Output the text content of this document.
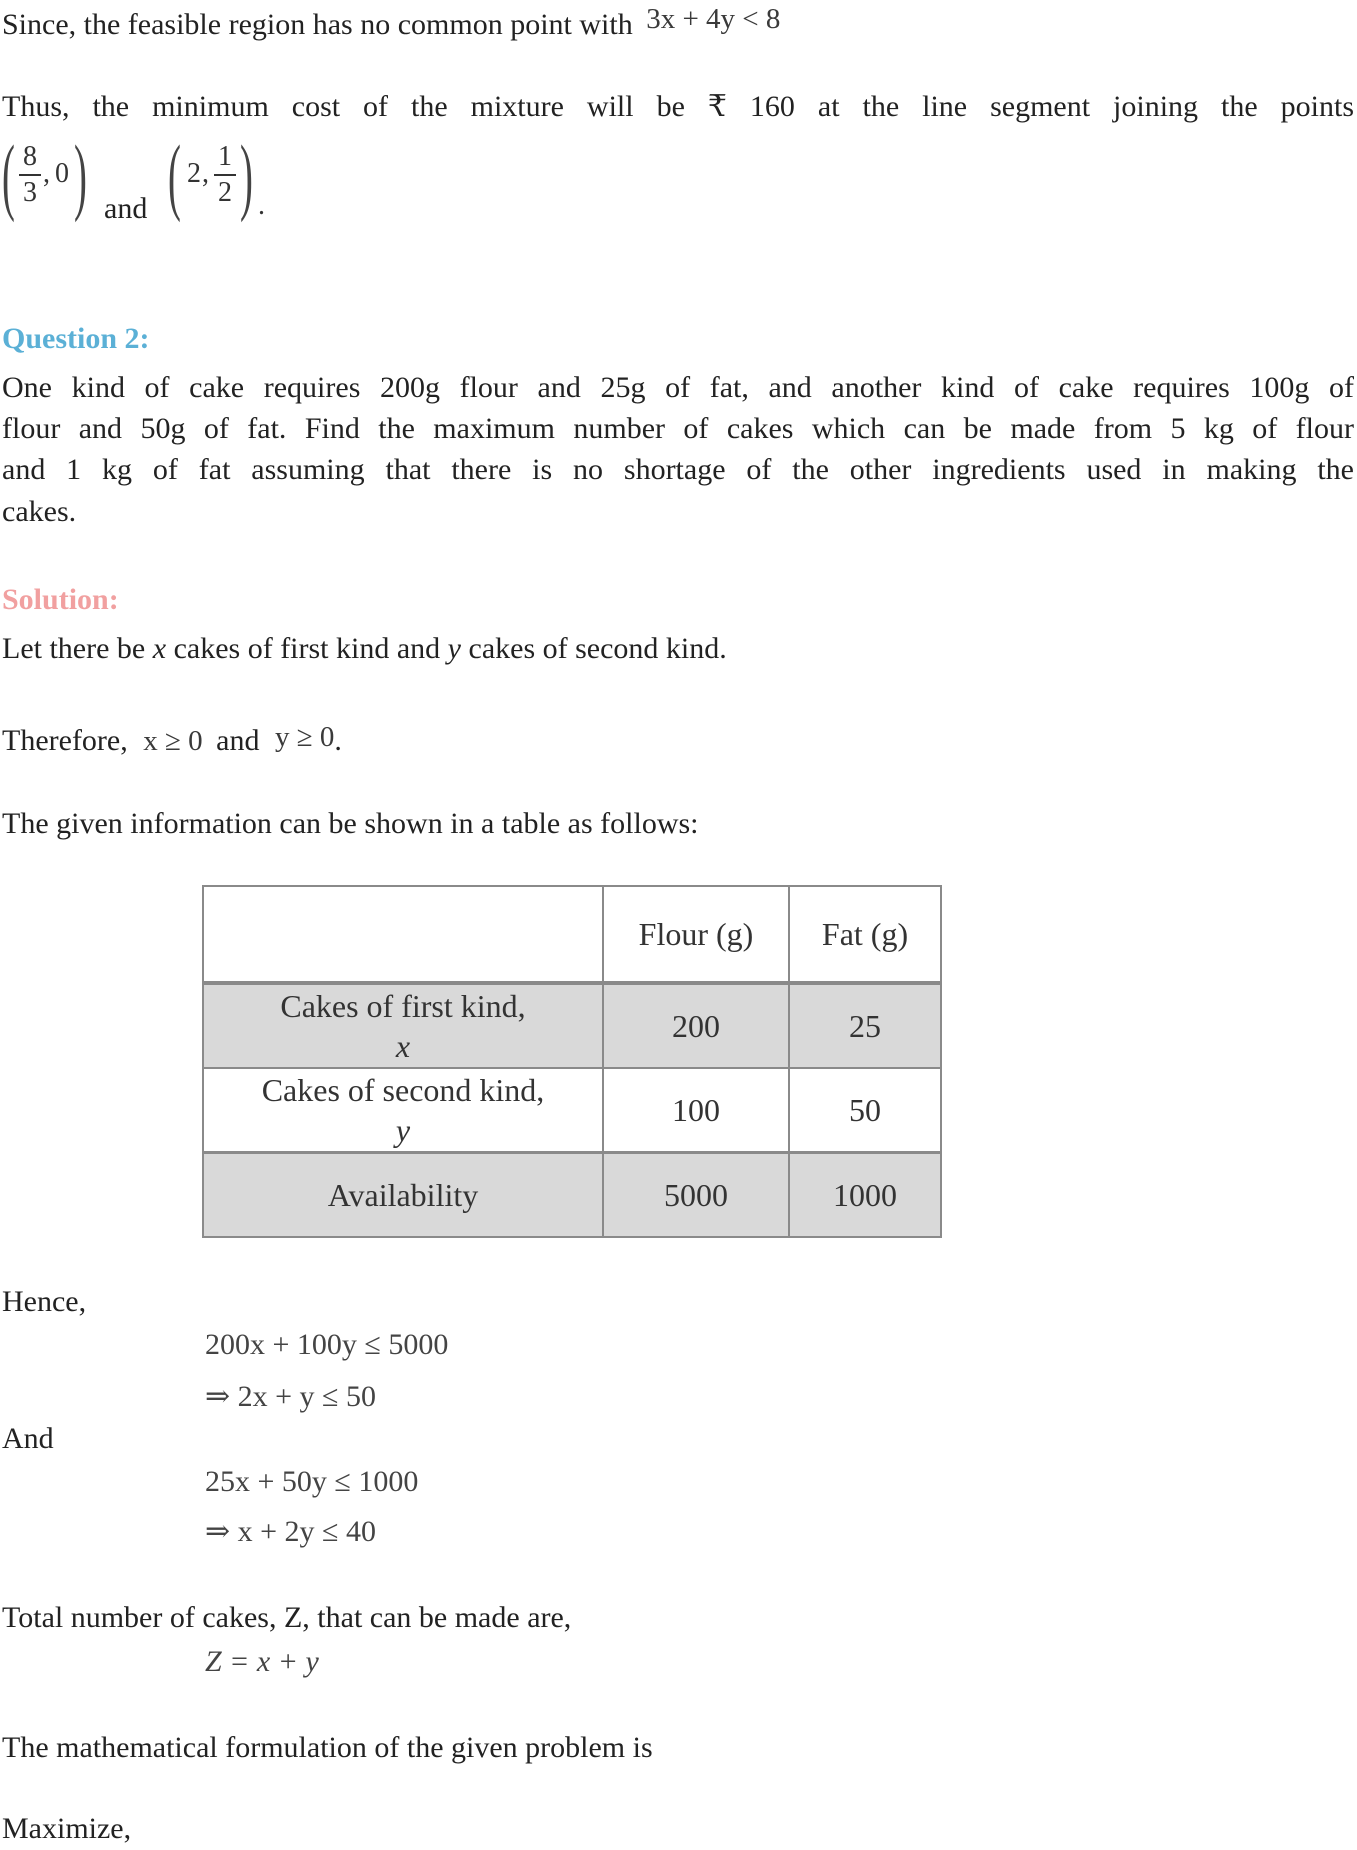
Since, the feasible region has no common point with 3x + 4y < 8
Thus, the minimum cost of the mixture will be ₹ 160 at the line segment joining the points
( 8
3
, 0 ) and ( 2 ,
1
2 ) .
Question 2:
One kind of cake requires 200g flour and 25g of fat, and another kind of cake requires 100g of
flour and 50g of fat. Find the maximum number of cakes which can be made from 5 kg of flour
and 1 kg of fat assuming that there is no shortage of the other ingredients used in making the
cakes.
Solution:
Let there be x cakes of first kind and y cakes of second kind.
Therefore, x ≥ 0 and y ≥ 0.
The given information can be shown in a table as follows:
	Flour (g)	Fat (g)
Cakes of first kind,
x	200	25
Cakes of second kind,
y	100	50
Availability	5000	1000
Hence,
200x + 100y ≤ 5000
⇒ 2x + y ≤ 50
And
25x + 50y ≤ 1000
⇒ x + 2y ≤ 40
Total number of cakes, Z, that can be made are,
Z = x + y
The mathematical formulation of the given problem is
Maximize,
